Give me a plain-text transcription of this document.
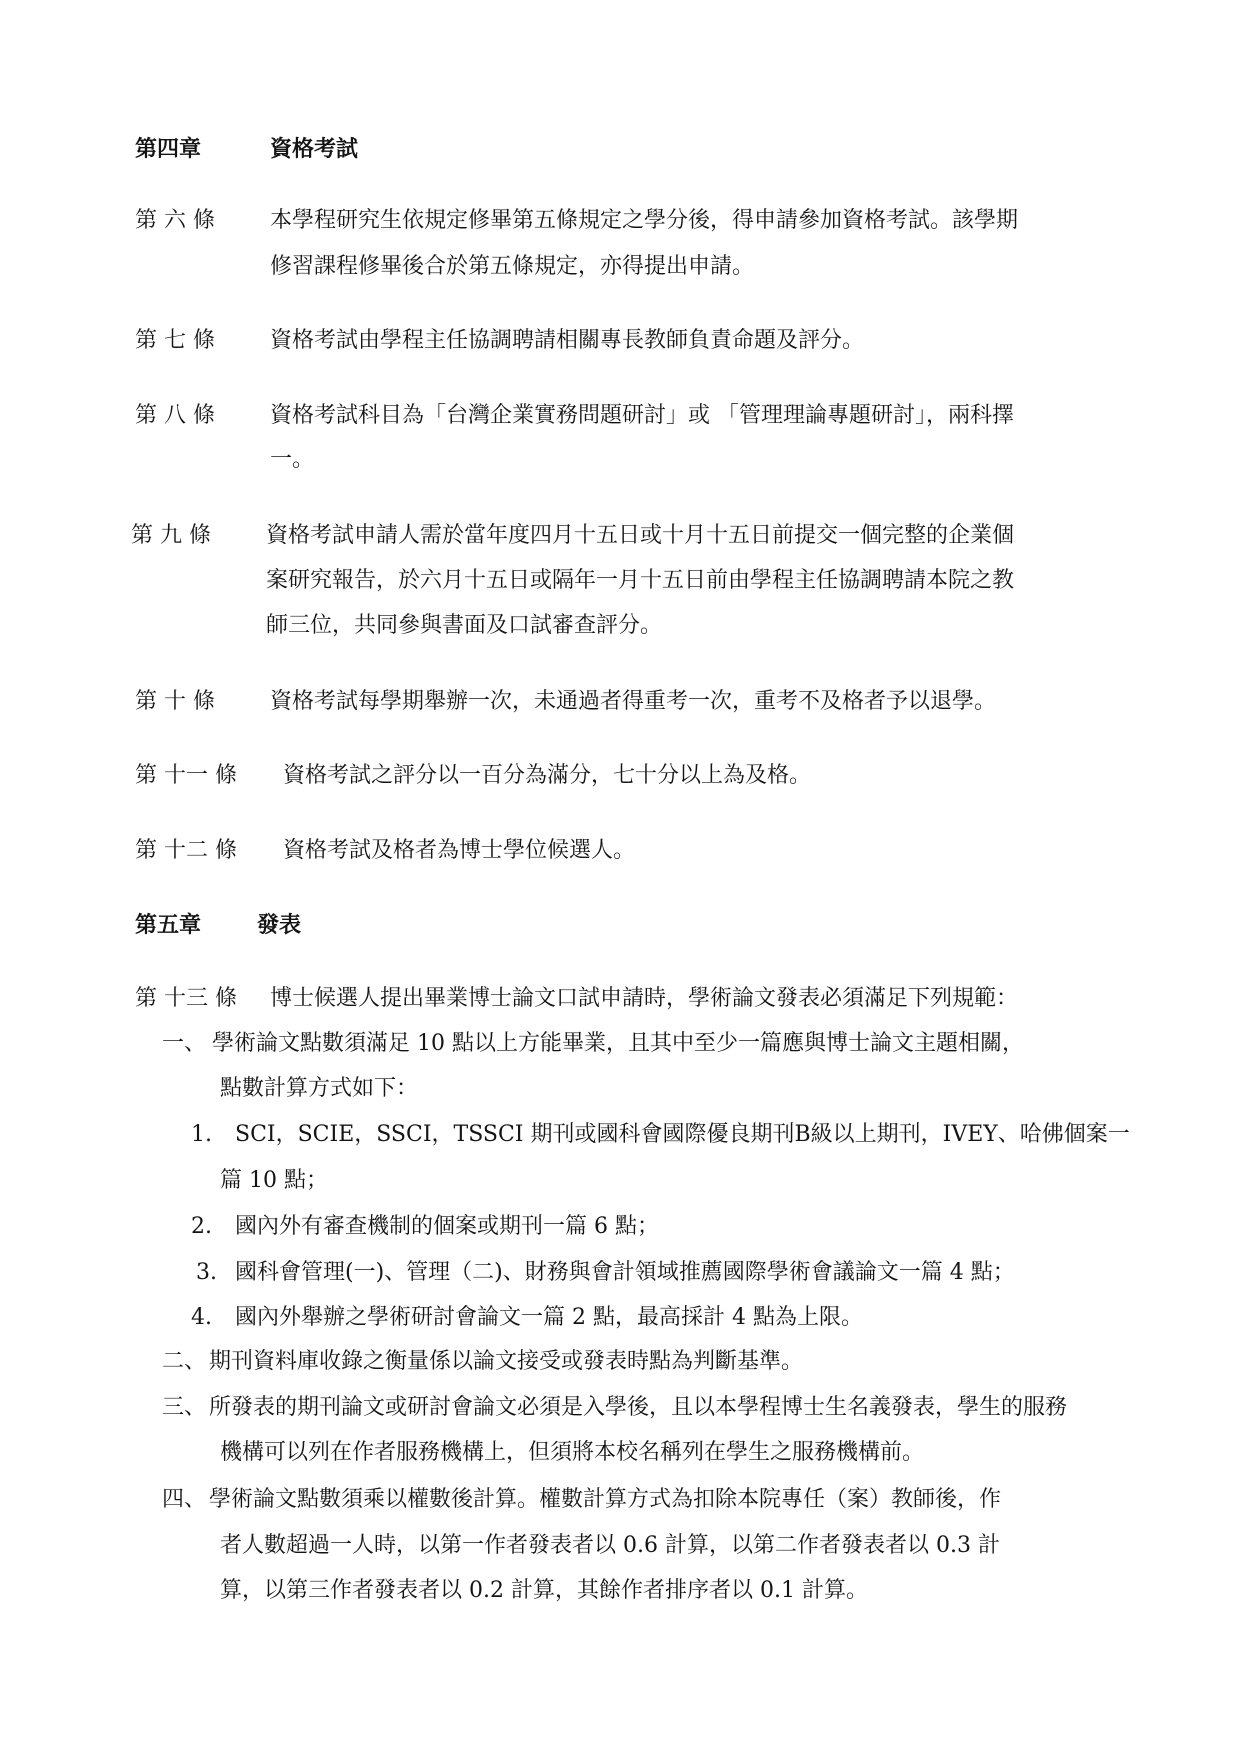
第四章	資格考試
第 六 條	本學程研究生依規定修畢第五條規定之學分後，得申請參加資格考試。該學期
修習課程修畢後合於第五條規定，亦得提出申請。
第 七 條	資格考試由學程主任協調聘請相關專長教師負責命題及評分。
第 八 條	資格考試科目為「台灣企業實務問題研討」或 「管理理論專題研討」，兩科擇
一。
第 九 條	資格考試申請人需於當年度四月十五日或十月十五日前提交一個完整的企業個
案研究報告，於六月十五日或隔年一月十五日前由學程主任協調聘請本院之教
師三位，共同參與書面及口試審查評分。
第 十 條	資格考試每學期舉辦一次，未通過者得重考一次，重考不及格者予以退學。
第 十一 條 資格考試之評分以一百分為滿分，七十分以上為及格。
第 十二 條 資格考試及格者為博士學位候選人。
第五章	發表
第 十三 條 博士候選人提出畢業博士論文口試申請時，學術論文發表必須滿足下列規範：
一、 學術論文點數須滿足 10 點以上方能畢業，且其中至少一篇應與博士論文主題相關，
點數計算方式如下：
1. SCI，SCIE，SSCI，TSSCI 期刊或國科會國際優良期刊B級以上期刊，IVEY、哈佛個案一
篇 10 點；
2. 國內外有審查機制的個案或期刊一篇 6 點；
3. 國科會管理(一)、管理（二)、財務與會計領域推薦國際學術會議論文一篇 4 點；
4. 國內外舉辦之學術研討會論文一篇 2 點，最高採計 4 點為上限。
二、 期刊資料庫收錄之衡量係以論文接受或發表時點為判斷基準。
三、 所發表的期刊論文或研討會論文必須是入學後，且以本學程博士生名義發表，學生的服務
機構可以列在作者服務機構上，但須將本校名稱列在學生之服務機構前。
四、 學術論文點數須乘以權數後計算。權數計算方式為扣除本院專任（案）教師後，作
者人數超過一人時，以第一作者發表者以 0.6 計算，以第二作者發表者以 0.3 計
算，以第三作者發表者以 0.2 計算，其餘作者排序者以 0.1 計算。
